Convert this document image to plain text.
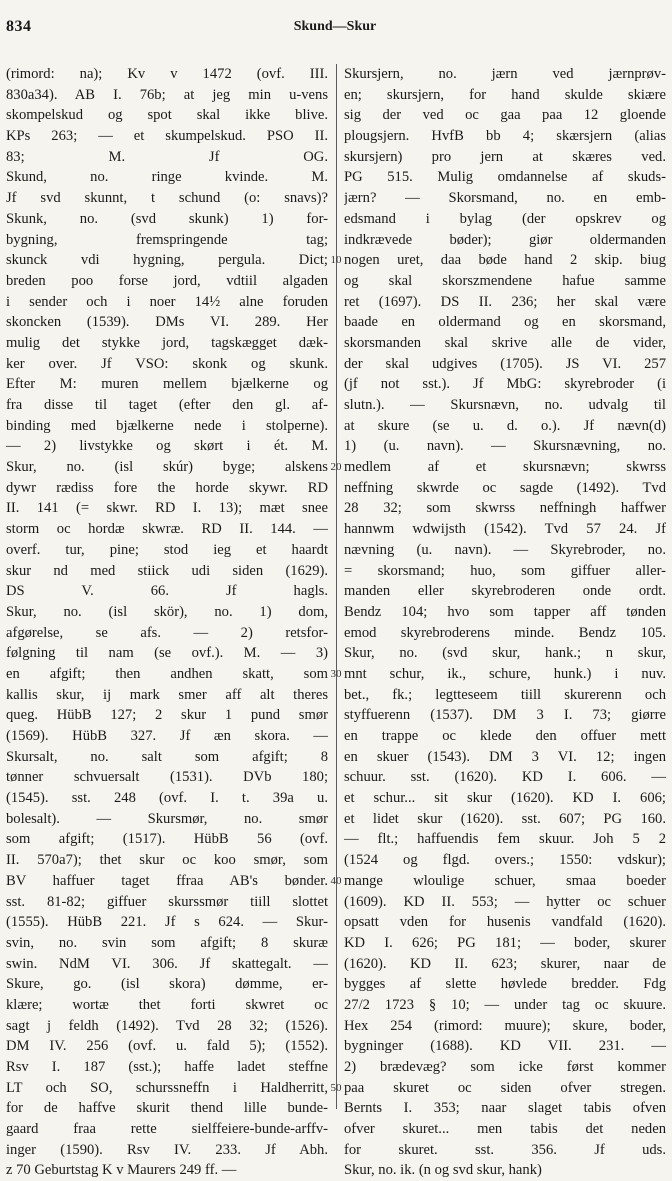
834	Skund—Skur
(rimord: na); Kv v 1472 (ovf. III.
830a34). AB I. 76b; at jeg min u-vens
skompelskud og spot skal ikke blive.
KPs 263; — et skumpelskud. PSO II.
83; M. Jf OG.
Skund, no. ringe kvinde. M.
Jf svd skunnt, t schund (o: snavs)?
Skunk, no. (svd skunk) 1) for-
bygning, fremspringende tag;
skunck vdi hygning, pergula. Dict;
breden poo forse jord, vdtiil algaden
i sender och i noer 14½ alne foruden
skoncken (1539). DMs VI. 289. Her
mulig det stykke jord, tagskægget dæk-
ker over. Jf VSO: skonk og skunk.
Efter M: muren mellem bjælkerne og
fra disse til taget (efter den gl. af-
binding med bjælkerne nede i stolperne).
— 2) livstykke og skørt i ét. M.
Skur, no. (isl skúr) byge; alskens
dywr rædiss fore the horde skywr. RD
II. 141 (= skwr. RD I. 13); mæt snee
storm oc hordæ skwræ. RD II. 144. —
overf. tur, pine; stod ieg et haardt
skur nd med stiick udi siden (1629).
DS V. 66. Jf hagls.
Skur, no. (isl skör), no. 1) dom,
afgørelse, se afs. — 2) retsfor-
følgning til nam (se ovf.). M. — 3)
en afgift; then andhen skatt, som
kallis skur, ij mark smer aff alt theres
queg. HübB 127; 2 skur 1 pund smør
(1569). HübB 327. Jf æn skora. —
Skursalt, no. salt som afgift; 8
tønner schvuersalt (1531). DVb 180;
(1545). sst. 248 (ovf. I. t. 39a u.
bolesalt). — Skursmør, no. smør
som afgift; (1517). HübB 56 (ovf.
II. 570a7); thet skur oc koo smør, som
BV haffuer taget ffraa AB's bønder.
sst. 81-82; giffuer skurssmør tiill slottet
(1555). HübB 221. Jf s 624. — Skur-
svin, no. svin som afgift; 8 skuræ
swin. NdM VI. 306. Jf skattegalt. —
Skure, go. (isl skora) dømme, er-
klære; wortæ thet forti skwret oc
sagt j feldh (1492). Tvd 28 32; (1526).
DM IV. 256 (ovf. u. fald 5); (1552).
Rsv I. 187 (sst.); haffe ladet steffne
LT och SO, schurssneffn i Haldherritt,
for de haffve skurit thend lille bunde-
gaard fraa rette sielffeiere-bunde-arffv-
inger (1590). Rsv IV. 233. Jf Abh.
z 70 Geburtstag K v Maurers 249 ff. —
Skursjern, no. jærn ved jærnprøv-
en; skursjern, for hand skulde skiære
sig der ved oc gaa paa 12 gloende
plougsjern. HvfB bb 4; skærsjern (alias
skursjern) pro jern at skæres ved.
PG 515. Mulig omdannelse af skuds-
jærn? — Skorsmand, no. en emb-
edsmand i bylag (der opskrev og
indkrævede bøder); giør oldermanden
nogen uret, daa bøde hand 2 skip. biug
og skal skorszmendene hafue samme
ret (1697). DS II. 236; her skal være
baade en oldermand og en skorsmand,
skorsmanden skal skrive alle de vider,
der skal udgives (1705). JS VI. 257
(jf not sst.). Jf MbG: skyrebroder (i
slutn.). — Skursnævn, no. udvalg til
at skure (se u. d. o.). Jf nævn(d)
1) (u. navn). — Skursnævning, no.
medlem af et skursnævn; skwrss
neffning skwrde oc sagde (1492). Tvd
28 32; som skwrss neffningh haffwer
hannwm wdwijsth (1542). Tvd 57 24. Jf
nævning (u. navn). — Skyrebroder, no.
= skorsmand; huo, som giffuer aller-
manden eller skyrebroderen onde ordt.
Bendz 104; hvo som tapper aff tønden
emod skyrebroderens minde. Bendz 105.
Skur, no. (svd skur, hank.; n skur,
mnt schur, ik., schure, hunk.) i nuv.
bet., fk.; legtteseem tiill skurerenn och
styffuerenn (1537). DM 3 I. 73; giørre
en trappe oc klede den offuer mett
en skuer (1543). DM 3 VI. 12; ingen
schuur. sst. (1620). KD I. 606. —
et schur... sit skur (1620). KD I. 606;
et lidet skur (1620). sst. 607; PG 160.
— flt.; haffuendis fem skuur. Joh 5 2
(1524 og flgd. overs.; 1550: vdskur);
mange wloulige schuer, smaa boeder
(1609). KD II. 553; — hytter oc schuer
opsatt vden for husenis vandfald (1620).
KD I. 626; PG 181; — boder, skurer
(1620). KD II. 623; skurer, naar de
bygges af slette høvlede bredder. Fdg
27/2 1723 § 10; — under tag oc skuure.
Hex 254 (rimord: muure); skure, boder,
bygninger (1688). KD VII. 231. —
2) brædevæg? som icke først kommer
paa skuret oc siden ofver stregen.
Bernts I. 353; naar slaget tabis ofven
ofver skuret... men tabis det neden
for skuret. sst. 356. Jf uds.
Skur, no. ik. (n og svd skur, hank)
10
20
30
40
50
